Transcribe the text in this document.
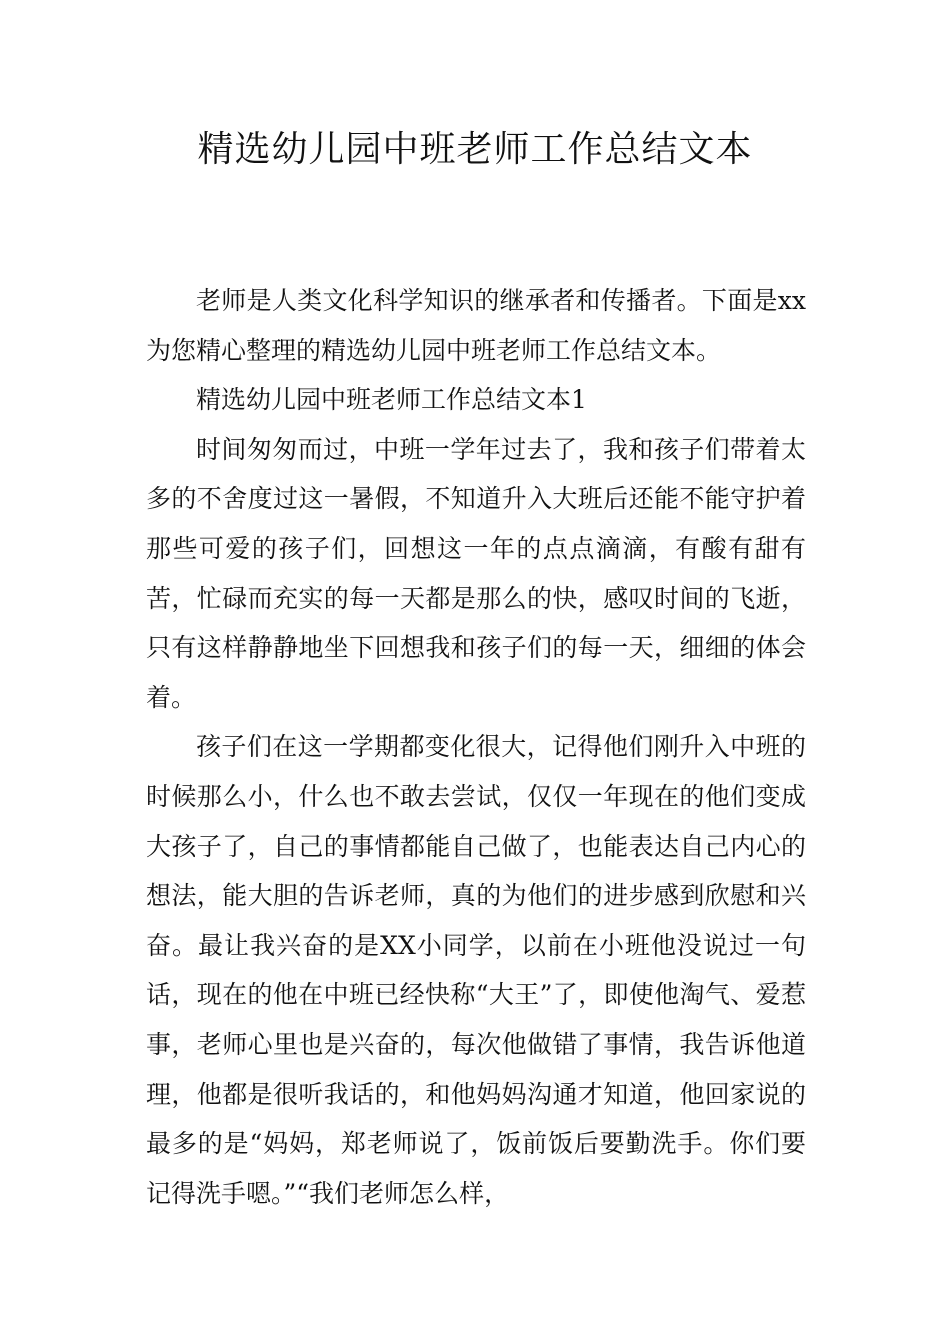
精选幼儿园中班老师工作总结文本

老师是人类文化科学知识的继承者和传播者。下面是xx为您精心整理的精选幼儿园中班老师工作总结文本。

精选幼儿园中班老师工作总结文本1

时间匆匆而过，中班一学年过去了，我和孩子们带着太多的不舍度过这一暑假，不知道升入大班后还能不能守护着那些可爱的孩子们，回想这一年的点点滴滴，有酸有甜有苦，忙碌而充实的每一天都是那么的快，感叹时间的飞逝，只有这样静静地坐下回想我和孩子们的每一天，细细的体会着。

孩子们在这一学期都变化很大，记得他们刚升入中班的时候那么小，什么也不敢去尝试，仅仅一年现在的他们变成大孩子了，自己的事情都能自己做了，也能表达自己内心的想法，能大胆的告诉老师，真的为他们的进步感到欣慰和兴奋。最让我兴奋的是XX小同学，以前在小班他没说过一句话，现在的他在中班已经快称“大王”了，即使他淘气、爱惹事，老师心里也是兴奋的，每次他做错了事情，我告诉他道理，他都是很听我话的，和他妈妈沟通才知道，他回家说的最多的是“妈妈，郑老师说了，饭前饭后要勤洗手。你们要记得洗手嗯。”“我们老师怎么样，
